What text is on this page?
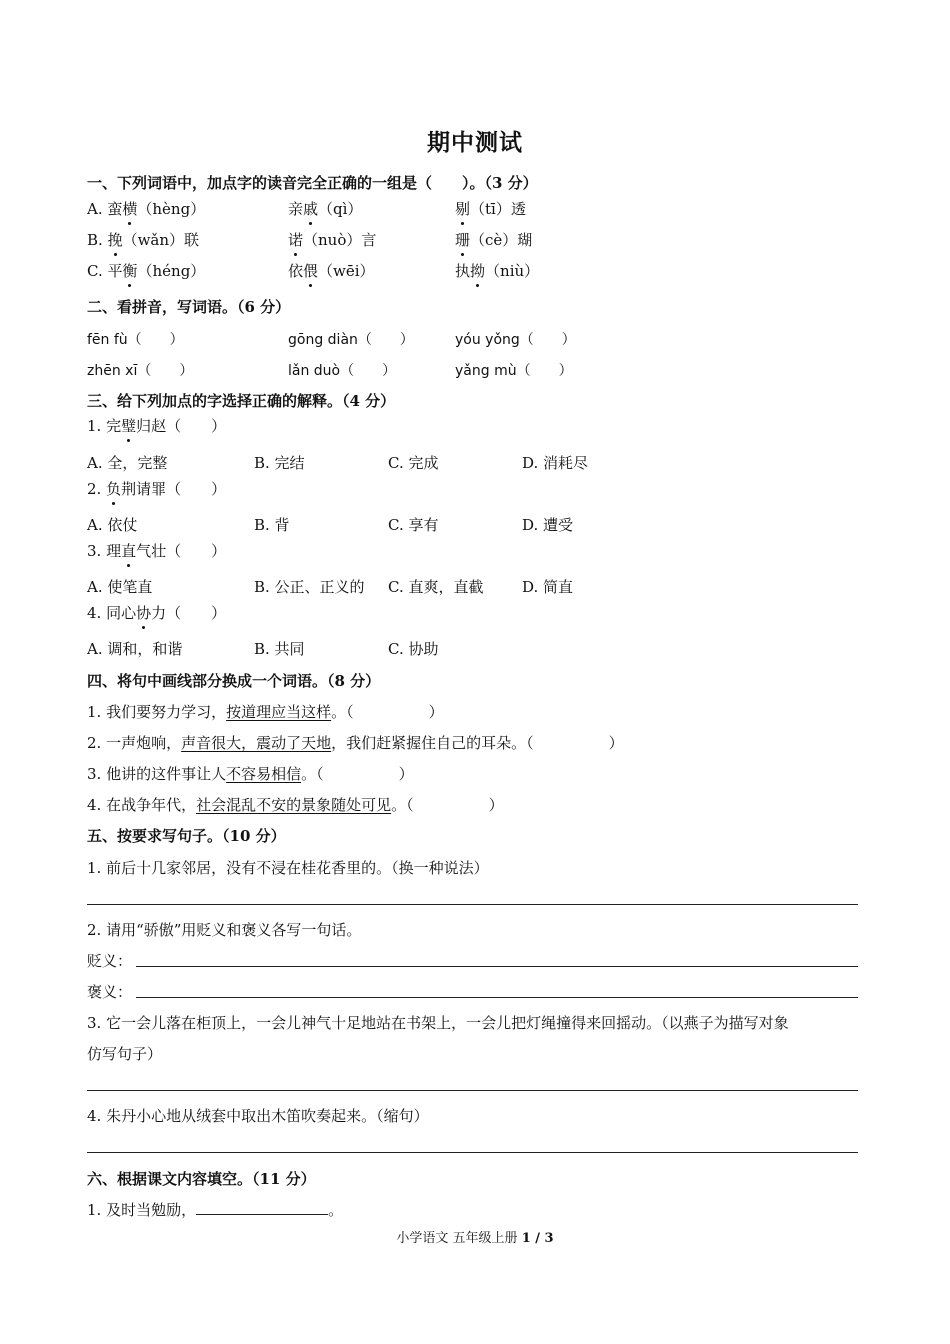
期中测试
一、下列词语中，加点字的读音完全正确的一组是（　　）。（3 分）
A. 蛮横（hèng）	亲戚（qì）	剔（tī）透
B. 挽（wǎn）联	诺（nuò）言	珊（cè）瑚
C. 平衡（héng）	依偎（wēi）	执拗（niù）
二、看拼音，写词语。（6 分）
fēn fù（　　）	gōng diàn（　　）	yóu yǒng（　　）
zhēn xī（　　）	lǎn duò（　　）	yǎng mù（　　）
三、给下列加点的字选择正确的解释。（4 分）
1. 完璧归赵（　　）
A. 全，完整	B. 完结	C. 完成	D. 消耗尽
2. 负荆请罪（　　）
A. 依仗	B. 背	C. 享有	D. 遭受
3. 理直气壮（　　）
A. 使笔直	B. 公正、正义的 C. 直爽，直截	D. 简直
4. 同心协力（　　）
A. 调和，和谐	B. 共同	C. 协助
四、将句中画线部分换成一个词语。（8 分）
1. 我们要努力学习，按道理应当这样。（　　　　　）
2. 一声炮响，声音很大，震动了天地，我们赶紧握住自己的耳朵。（　　　　　）
3. 他讲的这件事让人不容易相信。（　　　　　）
4. 在战争年代，社会混乱不安的景象随处可见。（　　　　　）
五、按要求写句子。（10 分）
1. 前后十几家邻居，没有不浸在桂花香里的。（换一种说法）
2. 请用“骄傲”用贬义和褒义各写一句话。
贬义：
褒义：
3. 它一会儿落在柜顶上，一会儿神气十足地站在书架上，一会儿把灯绳撞得来回摇动。（以燕子为描写对象
仿写句子）
4. 朱丹小心地从绒套中取出木笛吹奏起来。（缩句）
六、根据课文内容填空。（11 分）
1. 及时当勉励，	。
小学语文 五年级上册 1 / 3
